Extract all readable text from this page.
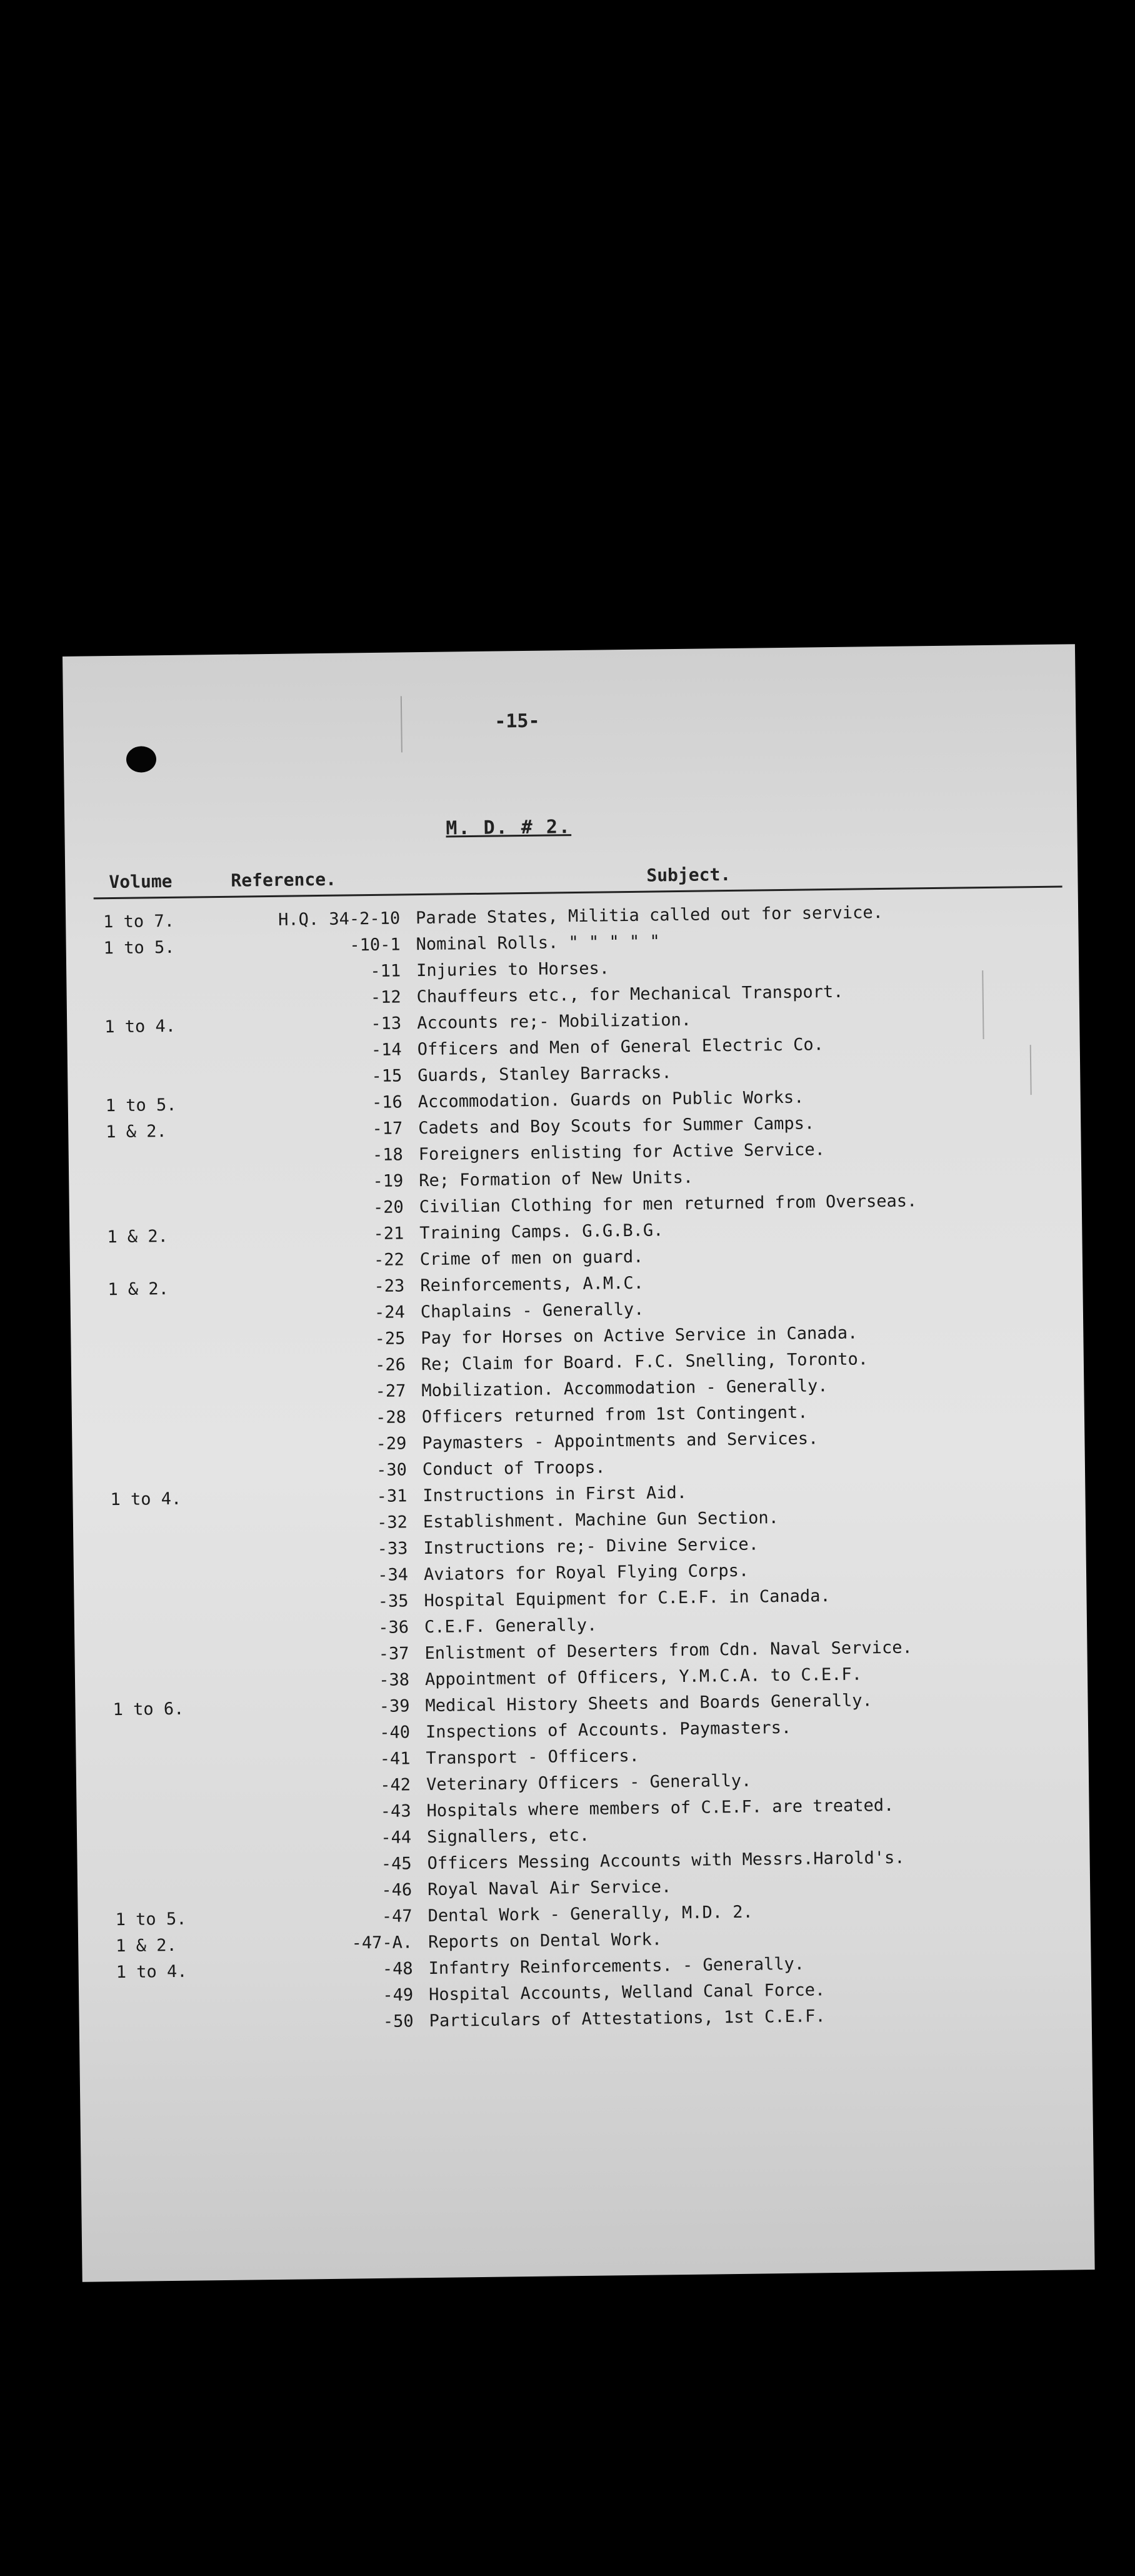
-15-
M. D. # 2.
Volume	Reference.	Subject.
1 to 7.	H.Q. 34-2-10 Parade States, Militia called out for service.
1 to 5.	-10-1 Nominal Rolls. " " " " "
-11 Injuries to Horses.
-12 Chauffeurs etc., for Mechanical Transport.
1 to 4.	-13 Accounts re;- Mobilization.
-14 Officers and Men of General Electric Co.
-15 Guards, Stanley Barracks.
1 to 5.	-16 Accommodation. Guards on Public Works.
1 & 2.	-17 Cadets and Boy Scouts for Summer Camps.
-18 Foreigners enlisting for Active Service.
-19 Re; Formation of New Units.
-20 Civilian Clothing for men returned from Overseas.
1 & 2.	-21 Training Camps. G.G.B.G.
-22 Crime of men on guard.
1 & 2.	-23 Reinforcements, A.M.C.
-24 Chaplains - Generally.
-25 Pay for Horses on Active Service in Canada.
-26 Re; Claim for Board. F.C. Snelling, Toronto.
-27 Mobilization. Accommodation - Generally.
-28 Officers returned from 1st Contingent.
-29 Paymasters - Appointments and Services.
-30 Conduct of Troops.
1 to 4.	-31 Instructions in First Aid.
-32 Establishment. Machine Gun Section.
-33 Instructions re;- Divine Service.
-34 Aviators for Royal Flying Corps.
-35 Hospital Equipment for C.E.F. in Canada.
-36 C.E.F. Generally.
-37 Enlistment of Deserters from Cdn. Naval Service.
-38 Appointment of Officers, Y.M.C.A. to C.E.F.
1 to 6.	-39 Medical History Sheets and Boards Generally.
-40 Inspections of Accounts. Paymasters.
-41 Transport - Officers.
-42 Veterinary Officers - Generally.
-43 Hospitals where members of C.E.F. are treated.
-44 Signallers, etc.
-45 Officers Messing Accounts with Messrs.Harold's.
-46 Royal Naval Air Service.
1 to 5.	-47 Dental Work - Generally, M.D. 2.
1 & 2.	-47-A. Reports on Dental Work.
1 to 4.	-48 Infantry Reinforcements. - Generally.
-49 Hospital Accounts, Welland Canal Force.
-50 Particulars of Attestations, 1st C.E.F.
